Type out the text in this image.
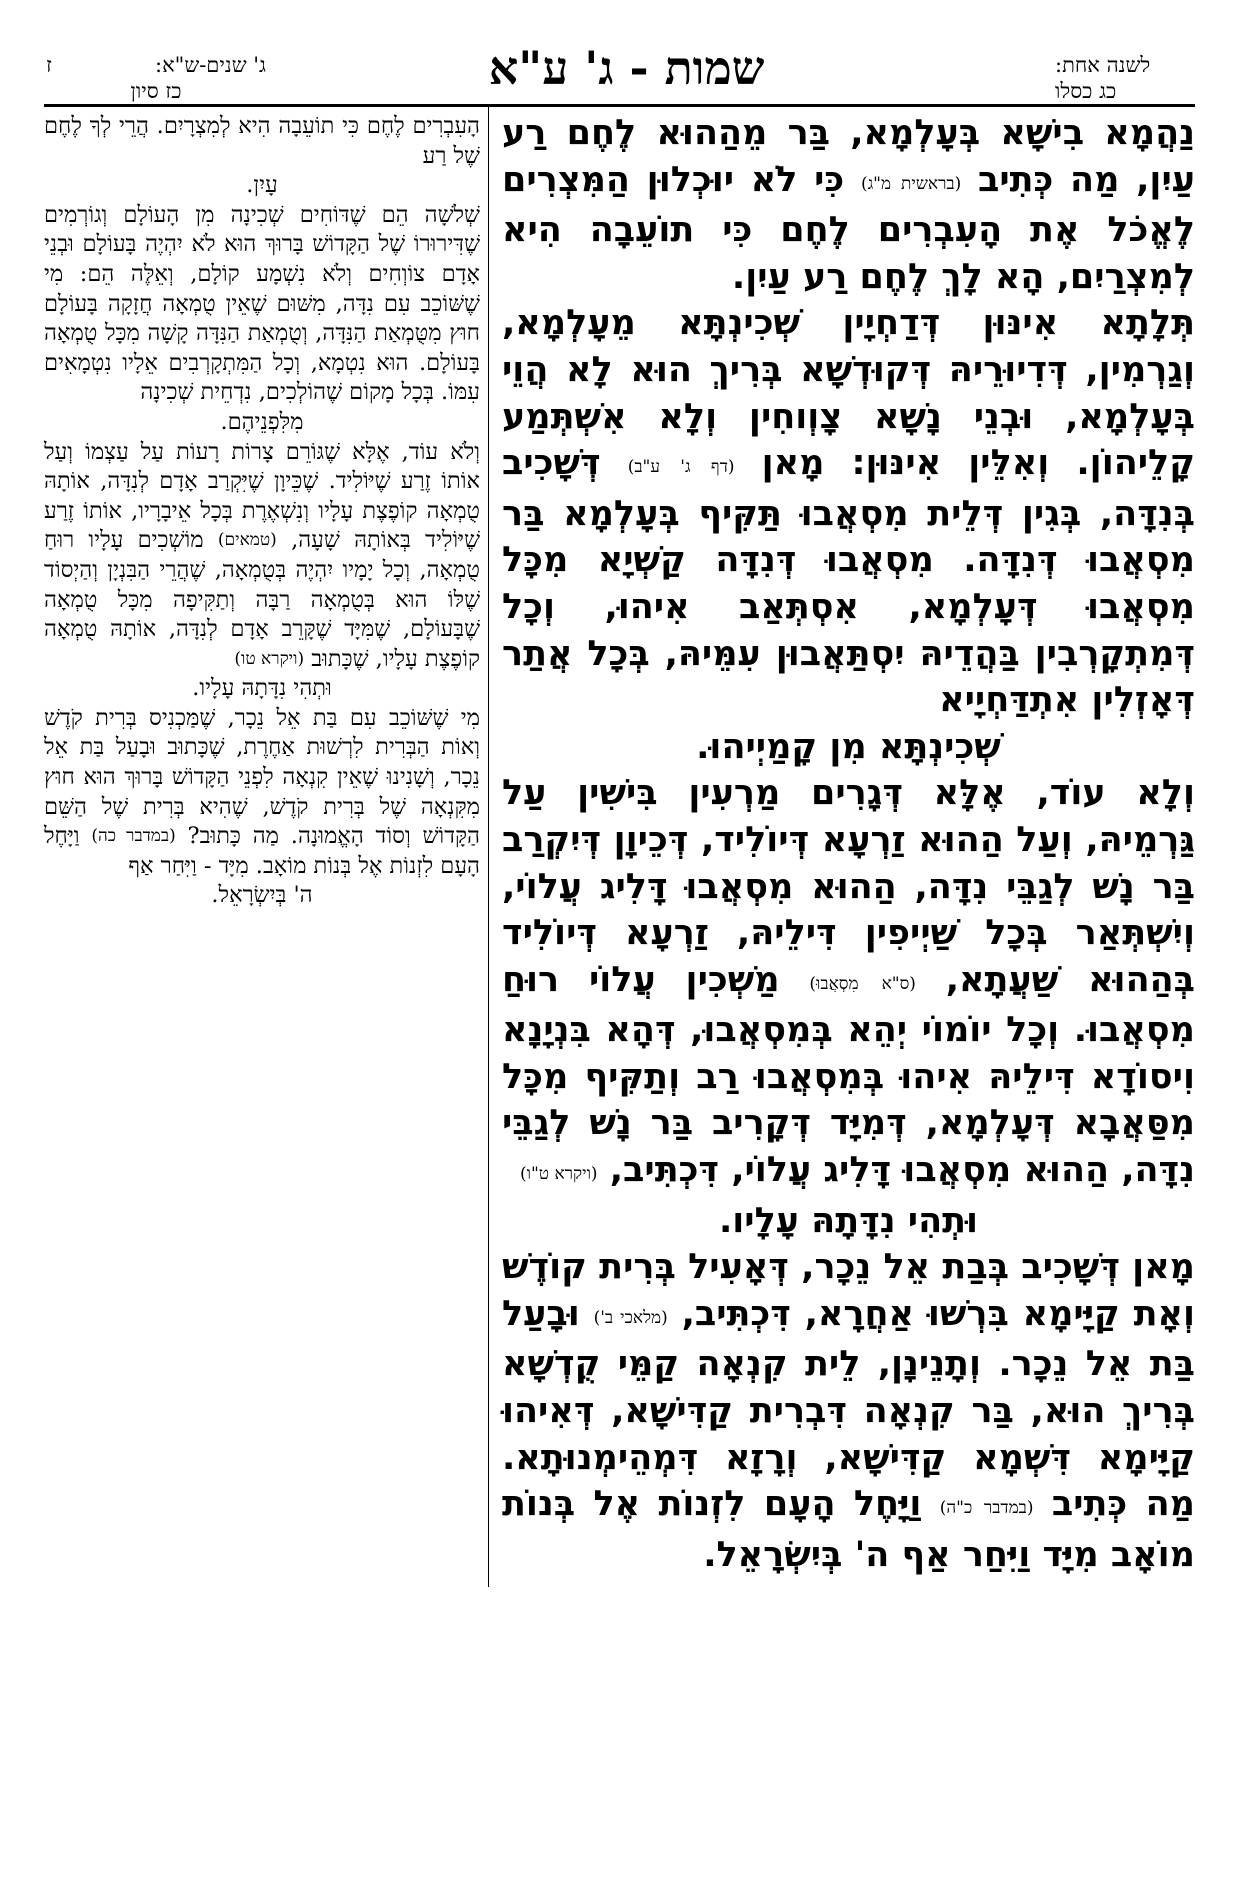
לשנה אחת:
כג כסלו
שמות - ג' ע"א
ג' שנים-ש"א:
ז
כז סיון

נַהֲמָא בִישָׁא בְּעָלְמָא, בַּר מֵהַהוּא לֶחֶם רַע עַיִן, מַה כְּתִיב (בראשית מ"ג) כִּי לֹא יוּכְלוּן הַמִּצְרִים לֶאֱכֹל אֶת הָעִבְרִים לֶחֶם כִּי תוֹעֵבָה הִיא לְמִצְרַיִם, הָא לָךְ לֶחֶם רַע עַיִן.

תְּלָתָא אִינּוּן דְּדַחְיָין שְׁכִינְתָּא מֵעָלְמָא, וְגַרְמִין, דְּדִיוּרֵיהּ דְּקוּדְשָׁא בְּרִיךְ הוּא לָא הֲוֵי בְּעָלְמָא, וּבְנֵי נָשָׁא צָוְוחִין וְלָא אִשְׁתְּמַע קָלֵיהוֹן. וְאִלֵּין אִינּוּן: מָאן (דף ג' ע"ב) דְּשָׁכִיב בְּנִדָּה, בְּגִין דְּלֵית מִסְאֲבוּ תַּקִּיף בְּעָלְמָא בַּר מִסְאֲבוּ דְּנִדָּה. מִסְאֲבוּ דְּנִדָּה קַשְׁיָא מִכָּל מִסְאֲבוּ דְּעָלְמָא, אִסְתְּאַב אִיהוּ, וְכָל דְּמִתְקָרְבִין בַּהֲדֵיהּ יִסְתַּאֲבוּן עִמֵּיהּ, בְּכָל אֲתַר דְּאָזְלִין אִתְדַּחְיָיא

שְׁכִינְתָּא מִן קָמַיְיהוּ.

וְלָא עוֹד, אֶלָּא דְּגָרִים מַרְעִין בִּישִׁין עַל גַּרְמֵיהּ, וְעַל הַהוּא זַרְעָא דְּיוֹלִיד, דְּכֵיוָן דְּיִקְרַב בַּר נָשׁ לְגַבֵּי נִדָּה, הַהוּא מִסְאֲבוּ דָּלִיג עֲלוֹי, וְיִשְׁתְּאַר בְּכָל שַׁיְיפִין דִּילֵיהּ, זַרְעָא דְּיוֹלִיד בְּהַהוּא שַׁעֲתָא, (ס"א מִסְאֲבוּ) מַשְׁכִין עֲלוֹי רוּחַ מִסְאֲבוּ. וְכָל יוֹמוֹי יְהֵא בְּמִסְאֲבוּ, דְּהָא בִּנְיָנָא וִיסוֹדָא דִּילֵיהּ אִיהוּ בְּמִסְאֲבוּ רַב וְתַקִּיף מִכָּל מִסַּאֲבָא דְּעָלְמָא, דְּמִיָּד דְּקָרִיב בַּר נָשׁ לְגַבֵּי נִדָּה, הַהוּא מִסְאֲבוּ דָּלִיג עֲלוֹי, דִּכְתִּיב, (ויקרא ט"ו)

וּתְהִי נִדָּתָהּ עָלָיו.

מָאן דְּשָׁכִיב בְּבַת אֵל נֵכָר, דְּאָעִיל בְּרִית קוֹדֶשׁ וְאָת קַיָּימָא בִּרְשׁוּ אַחֲרָא, דִּכְתִּיב, (מלאכי ב') וּבָעַל בַּת אֵל נֵכָר. וְתָנֵינָן, לֵית קִנְאָה קַמֵּי קֻדְשָׁא בְּרִיךְ הוּא, בַּר קִנְאָה דִּבְרִית קַדִּישָׁא, דְּאִיהוּ קַיָּימָא דִּשְׁמָא קַדִּישָׁא, וְרָזָא דִּמְהֵימְנוּתָא. מַה כְּתִיב (במדבר כ"ה) וַיָּחֶל הָעָם לִזְנוֹת אֶל בְּנוֹת מוֹאָב מִיָּד וַיִּחַר אַף ה' בְּיִשְׂרָאֵל.

הָעִבְרִים לֶחֶם כִּי תוֹעֵבָה הִיא לְמִצְרָיִם. הֲרֵי לְךָ לֶחֶם שֶׁל רַע

עָיִן.

שְׁלֹשָׁה הֵם שֶׁדּוֹחִים שְׁכִינָה מִן הָעוֹלָם וְגוֹרְמִים שֶׁדִּירוּרוֹ שֶׁל הַקָּדוֹשׁ בָּרוּךְ הוּא לֹא יִהְיֶה בָּעוֹלָם וּבְנֵי אָדָם צוֹוְחִים וְלֹא נִשְׁמָע קוֹלָם, וְאֵלֶּה הֵם: מִי שֶׁשּׁוֹכֵב עִם נִדָּה, מִשּׁוּם שֶׁאֵין טֻמְאָה חֲזָקָה בָּעוֹלָם חוּץ מִטֻּמְאַת הַנִּדָּה, וְטֻמְאַת הַנִּדָּה קָשָׁה מִכָּל טֻמְאָה בָּעוֹלָם. הוּא נִטְמָא, וְכָל הַמִּתְקָרְבִים אֵלָיו נִטְמָאִים עִמּוֹ. בְּכָל מָקוֹם שֶׁהוֹלְכִים, נִדְחֵית שְׁכִינָה

מִלִּפְנֵיהֶם.

וְלֹא עוֹד, אֶלָּא שֶׁגּוֹרֵם צָרוֹת רָעוֹת עַל עַצְמוֹ וְעַל אוֹתוֹ זֶרַע שֶׁיּוֹלִיד. שֶׁכֵּיוָן שֶׁיִּקְרַב אָדָם לְנִדָּה, אוֹתָהּ טֻמְאָה קוֹפֶצֶת עָלָיו וְנִשְׁאֶרֶת בְּכָל אֵיבָרָיו, אוֹתוֹ זֶרַע שֶׁיּוֹלִיד בְּאוֹתָהּ שָׁעָה, (טמאים) מוֹשְׁכִים עָלָיו רוּחַ טֻמְאָה, וְכָל יָמָיו יִהְיֶה בְּטֻמְאָה, שֶׁהֲרֵי הַבִּנְיָן וְהַיְסוֹד שֶׁלּוֹ הוּא בְּטֻמְאָה רַבָּה וְתַקִּיפָה מִכָּל טֻמְאָה שֶׁבָּעוֹלָם, שֶׁמִּיָּד שֶׁקָּרֵב אָדָם לְנִדָּה, אוֹתָהּ טֻמְאָה קוֹפֶצֶת עָלָיו, שֶׁכָּתוּב (ויקרא טו)

וּתְהִי נִדָּתָהּ עָלָיו.

מִי שֶׁשּׁוֹכֵב עִם בַּת אֵל נֵכָר, שֶׁמַּכְנִיס בְּרִית קֹדֶשׁ וְאוֹת הַבְּרִית לִרְשׁוּת אַחֶרֶת, שֶׁכָּתוּב וּבָעַל בַּת אֵל נֵכָר, וְשָׁנִינוּ שֶׁאֵין קִנְאָה לִפְנֵי הַקָּדוֹשׁ בָּרוּךְ הוּא חוּץ מִקִּנְאָה שֶׁל בְּרִית קֹדֶשׁ, שֶׁהִיא בְּרִית שֶׁל הַשֵּׁם הַקָּדוֹשׁ וְסוֹד הָאֱמוּנָה. מַה כָּתוּב? (במדבר כה) וַיָּחֶל הָעָם לִזְנוֹת אֶל בְּנוֹת מוֹאָב. מִיָּד - וַיִּחַר אַף

ה' בְּיִשְׂרָאֵל.
